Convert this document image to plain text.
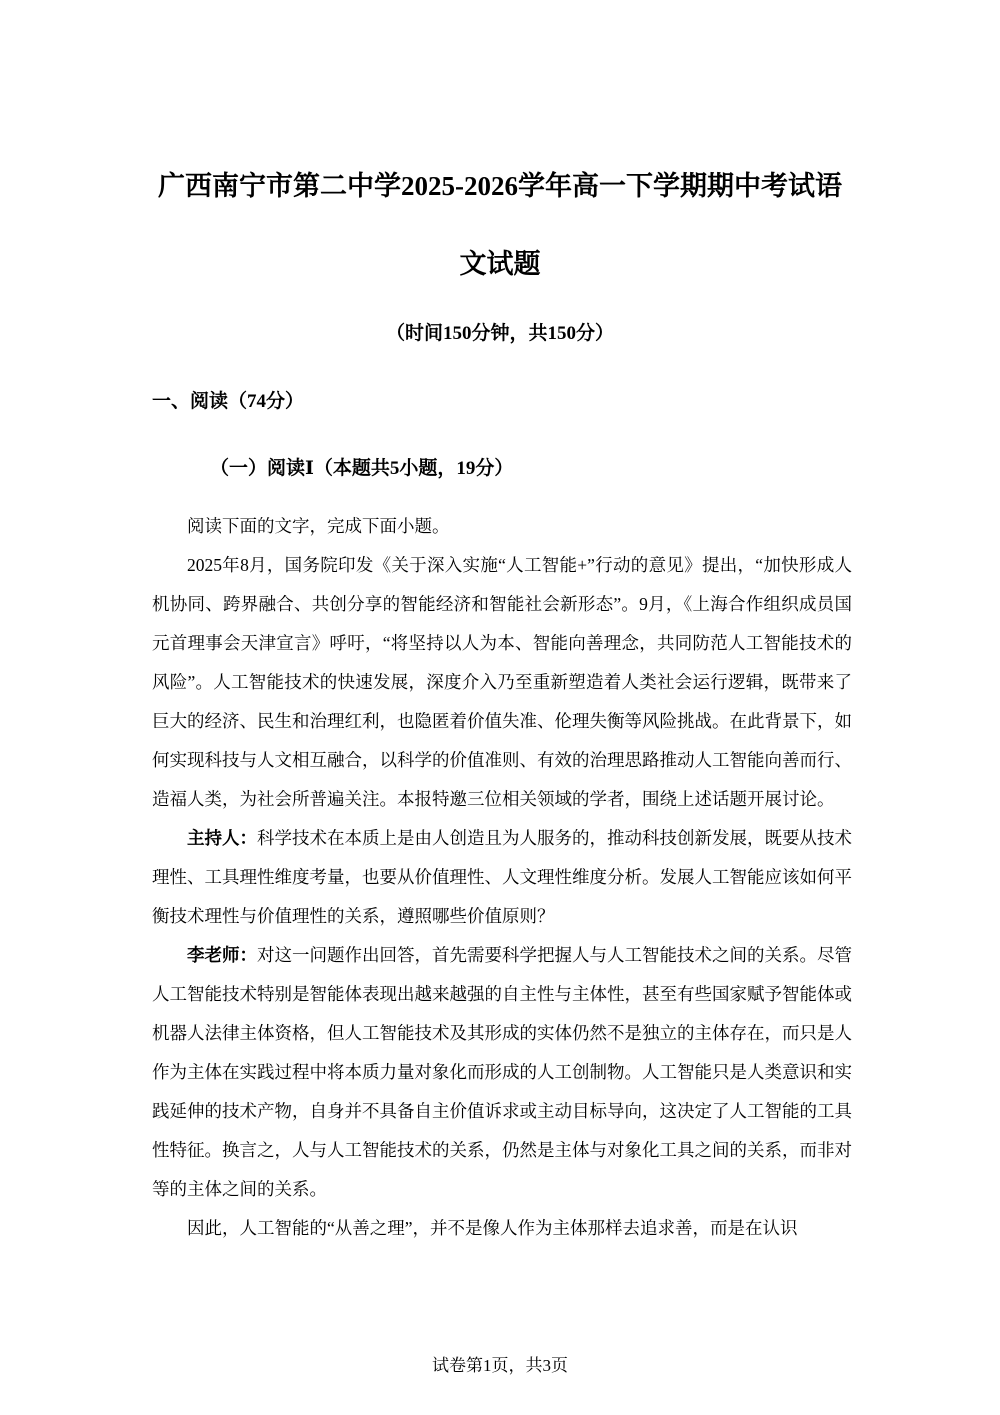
广西南宁市第二中学2025-2026学年高一下学期期中考试语
文试题
（时间150分钟，共150分）
一、阅读（74分）
（一）阅读Ⅰ（本题共5小题，19分）

阅读下面的文字，完成下面小题。

2025年8月，国务院印发《关于深入实施“人工智能+”行动的意见》提出，“加快形成人机协同、跨界融合、共创分享的智能经济和智能社会新形态”。9月，《上海合作组织成员国元首理事会天津宣言》呼吁，“将坚持以人为本、智能向善理念，共同防范人工智能技术的风险”。人工智能技术的快速发展，深度介入乃至重新塑造着人类社会运行逻辑，既带来了巨大的经济、民生和治理红利，也隐匿着价值失准、伦理失衡等风险挑战。在此背景下，如何实现科技与人文相互融合，以科学的价值准则、有效的治理思路推动人工智能向善而行、造福人类，为社会所普遍关注。本报特邀三位相关领域的学者，围绕上述话题开展讨论。

主持人：科学技术在本质上是由人创造且为人服务的，推动科技创新发展，既要从技术理性、工具理性维度考量，也要从价值理性、人文理性维度分析。发展人工智能应该如何平衡技术理性与价值理性的关系，遵照哪些价值原则？

李老师：对这一问题作出回答，首先需要科学把握人与人工智能技术之间的关系。尽管人工智能技术特别是智能体表现出越来越强的自主性与主体性，甚至有些国家赋予智能体或机器人法律主体资格，但人工智能技术及其形成的实体仍然不是独立的主体存在，而只是人作为主体在实践过程中将本质力量对象化而形成的人工创制物。人工智能只是人类意识和实践延伸的技术产物，自身并不具备自主价值诉求或主动目标导向，这决定了人工智能的工具性特征。换言之，人与人工智能技术的关系，仍然是主体与对象化工具之间的关系，而非对等的主体之间的关系。

因此，人工智能的“从善之理”，并不是像人作为主体那样去追求善，而是在认识

试卷第1页，共3页
